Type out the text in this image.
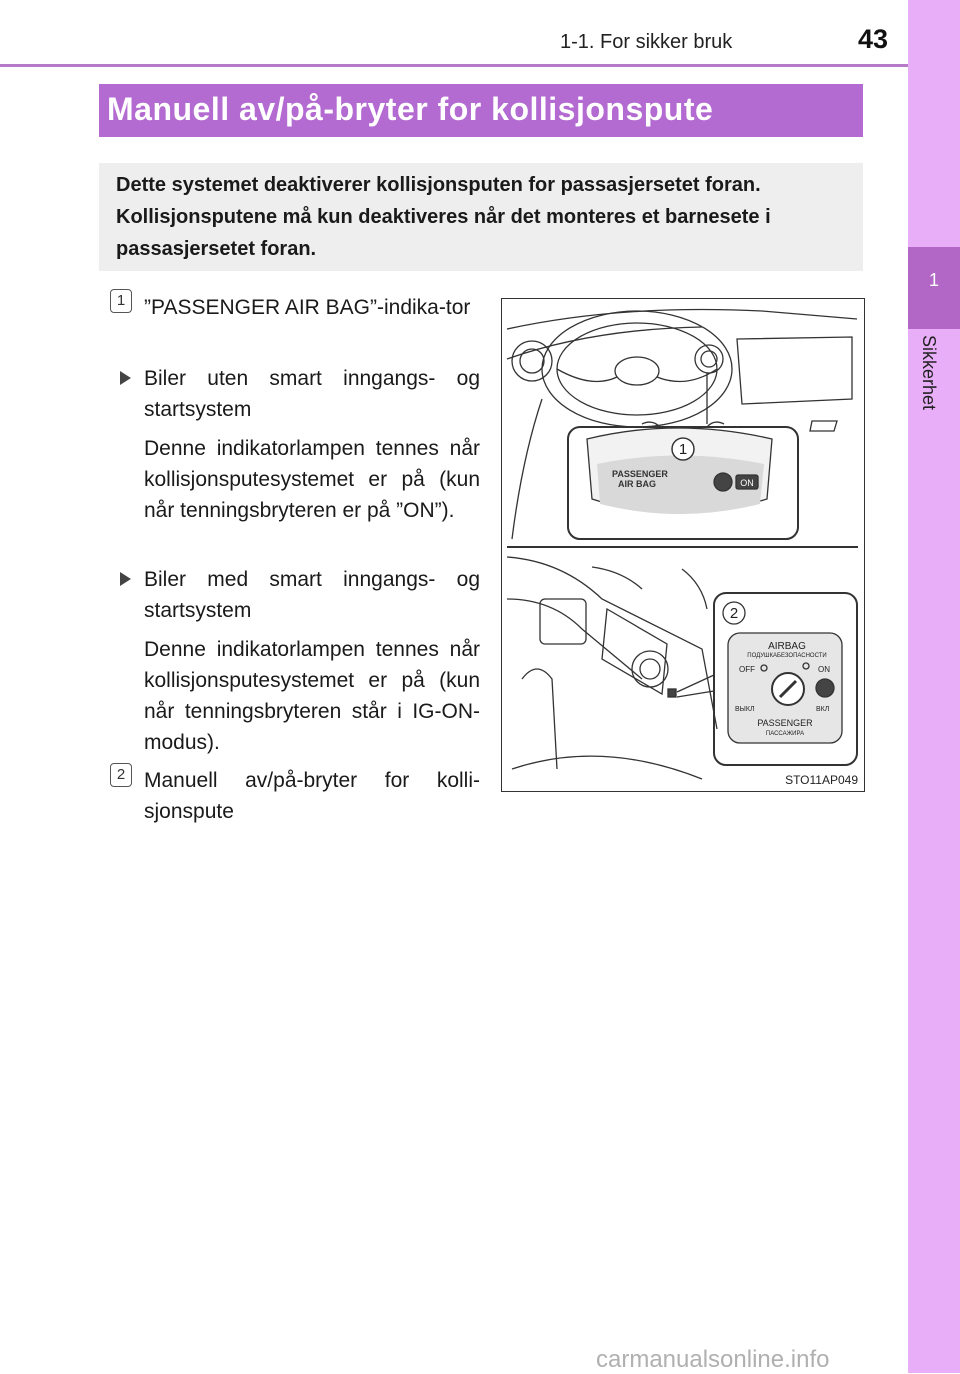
1-1. For sikker bruk	43
1
Sikkerhet
Manuell av/på-bryter for kollisjonspute
Dette systemet deaktiverer kollisjonsputen for passasjersetet foran. Kollisjonsputene må kun deaktiveres når det monteres et barnesete i passasjersetet foran.
1 ”PASSENGER AIR BAG”-indika-tor
Biler uten smart inngangs- og startsystem
Denne indikatorlampen tennes når kollisjonsputesystemet er på (kun når tenningsbryteren er på ”ON”).
Biler med smart inngangs- og startsystem
Denne indikatorlampen tennes når kollisjonsputesystemet er på (kun når tenningsbryteren står i IG-ON-modus).
2 Manuell av/på-bryter for kolli-sjonspute
1
2
PASSENGER
AIR BAG	ON
AIRBAG
ПОДУШКАБЕЗОПАСНОСТИ
OFF	ON
ВЫКЛ	ВКЛ
PASSENGER
ПАССАЖИРА
STO11AP049
carmanualsonline.info
